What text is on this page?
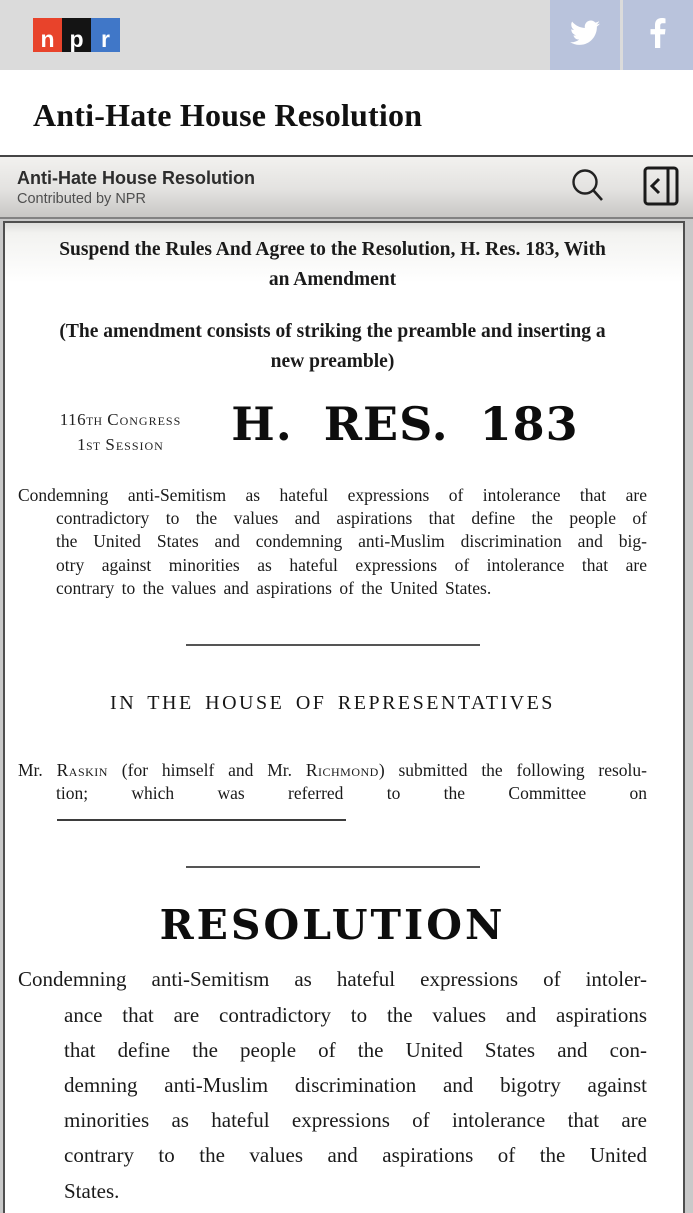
n p r
Anti-Hate House Resolution
Anti-Hate House Resolution
Contributed by NPR
Suspend the Rules And Agree to the Resolution, H. Res. 183, With
an Amendment
(The amendment consists of striking the preamble and inserting a
new preamble)
116TH Congress
1ST Session	H. RES. 183
Condemning anti-Semitism as hateful expressions of intolerance that are
contradictory to the values and aspirations that define the people of
the United States and condemning anti-Muslim discrimination and big-
otry against minorities as hateful expressions of intolerance that are
contrary to the values and aspirations of the United States.
IN THE HOUSE OF REPRESENTATIVES
Mr. Raskin (for himself and Mr. Richmond) submitted the following resolu-
tion; which was referred to the Committee on
RESOLUTION
Condemning anti-Semitism as hateful expressions of intoler-
ance that are contradictory to the values and aspirations
that define the people of the United States and con-
demning anti-Muslim discrimination and bigotry against
minorities as hateful expressions of intolerance that are
contrary to the values and aspirations of the United
States.
